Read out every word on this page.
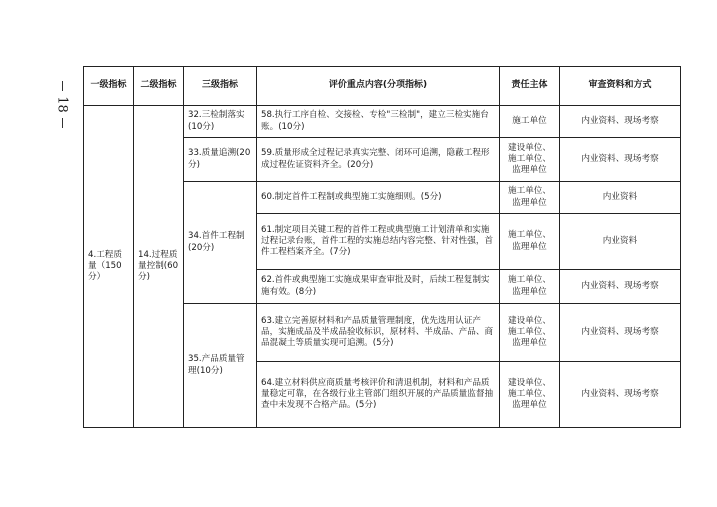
18
一级指标	二级指标	三级指标	评价重点内容(分项指标)	责任主体	审查资料和方式
4.工程质量（150分）	14.过程质量控制(60分)	32.三检制落实(10分)	58.执行工序自检、交接检、专检"三检制"，建立三检实施台账。(10分)	施工单位	内业资料、现场考察
		33.质量追溯(20分)	59.质量形成全过程记录真实完整、闭环可追溯，隐蔽工程形成过程佐证资料齐全。(20分)	建设单位、施工单位、监理单位	内业资料、现场考察
		34.首件工程制(20分)	60.制定首件工程制或典型施工实施细则。(5分)	施工单位、监理单位	内业资料
			61.制定项目关键工程的首件工程或典型施工计划清单和实施过程记录台账，首件工程的实施总结内容完整、针对性强，首件工程档案齐全。(7分)	施工单位、监理单位	内业资料
			62.首件或典型施工实施成果审查审批及时，后续工程复制实施有效。(8分)	施工单位、监理单位	内业资料、现场考察
		35.产品质量管理(10分)	63.建立完善原材料和产品质量管理制度，优先选用认证产品，实施成品及半成品验收标识，原材料、半成品、产品、商品混凝土等质量实现可追溯。(5分)	建设单位、施工单位、监理单位	内业资料、现场考察
			64.建立材料供应商质量考核评价和清退机制，材料和产品质量稳定可靠，在各级行业主管部门组织开展的产品质量监督抽查中未发现不合格产品。(5分)	建设单位、施工单位、监理单位	内业资料、现场考察
